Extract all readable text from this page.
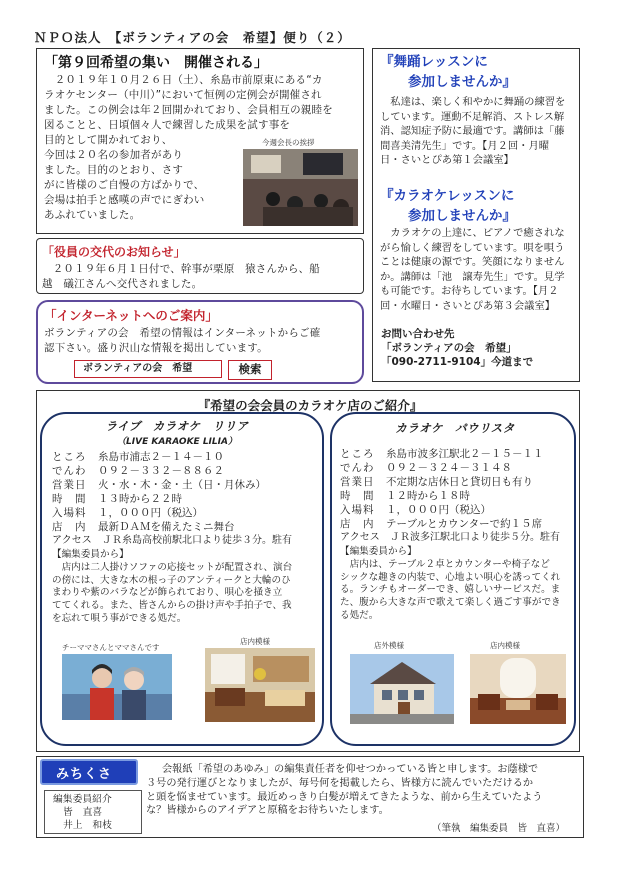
ＮＰＯ法人　【ボランティアの会　希望】便り（２）
「第９回希望の集い　開催される」
　２０１９年１０月２６日（土）、糸島市前原東にある“カ
ラオケセンター（中川）”において恒例の定例会が開催され
ました。この例会は年２回開かれており、会員相互の親睦を
図ることと、日頃個々人で練習した成果を試す事を
目的として開かれており、
今回は２０名の参加者があり
ました。目的のとおり、さす
がに皆様のご自慢の方ばかりで、
会場は拍手と感嘆の声でにぎわい
あふれていました。
今週会長の挨拶
『舞踊レッスンに
参加しませんか』
　私達は、楽しく和やかに舞踊の練習を
しています。運動不足解消、ストレス解
消、認知症予防に最適です。講師は「藤
間喜美清先生」です。【月２回・月曜
日・さいとぴあ第１会議室】
『カラオケレッスンに
参加しませんか』
　カラオケの上達に、ピアノで癒されな
がら愉しく練習をしています。唄を唄う
ことは健康の源です。笑顔になりません
か。講師は「池　譲寿先生」です。見学
も可能です。お待ちしています。【月２
回・水曜日・さいとぴあ第３会議室】
お問い合わせ先
「ボランティアの会　希望」
「090-2711-9104」今道まで
「役員の交代のお知らせ」
　２０１９年６月１日付で、幹事が栗原　猿さんから、船
越　礒江さんへ交代されました。
「インターネットへのご案内」
ボランティアの会　希望の情報はインターネットからご確
認下さい。盛り沢山な情報を掲出しています。
ボランティアの会　希望	検索
『希望の会会員のカラオケ店のご紹介』
ライブ　カラオケ　リリア
（LIVE KARAOKE LILIA）
ところ 糸島市浦志２－１４－１０
でんわ ０９２－３３２－８８６２
営業日 火・水・木・金・土（日・月休み）
時　間 １３時から２２時
入場料 １，０００円（税込）
店　内 最新ＤＡＭを備えたミニ舞台
アクセス ＪＲ糸島高校前駅北口より徒歩３分。駐有
【編集委員から】
　店内は二人掛けソファの応接セットが配置され、演台
の傍には、大きな木の根っ子のアンティークと大輪のひ
まわりや紫のバラなどが飾られており、唄心を掻き立
ててくれる。また、皆さんからの掛け声や手拍子で、我
を忘れて唄う事ができる処だ。
チーママさんとママさんです
店内模様
カラオケ　パウリスタ
ところ 糸島市波多江駅北２－１５－１１
でんわ ０９２－３２４－３１４８
営業日 不定期な店休日と貸切日も有り
時　間 １２時から１８時
入場料 １，０００円（税込）
店　内 テーブルとカウンターで約１５席
アクセス ＪＲ波多江駅北口より徒歩５分。駐有
【編集委員から】
　店内は、テーブル２卓とカウンターや椅子など
シックな趣きの内装で、心地よい唄心を誘ってくれ
る。ランチもオーダーでき、嬉しいサービスだ。ま
た、腹から大きな声で歌えて楽しく過ごす事ができ
る処だ。
店外模様	店内模様
みちくさ
編集委員紹介
皆　直喜
井上　和枝
会報紙「希望のあゆみ」の編集責任者を仰せつかっている皆と申します。お蔭様で
３号の発行運びとなりましたが、毎号何を掲載したら、皆様方に読んでいただけるか
と頭を悩ませています。最近めっきり白髪が増えてきたような、前から生えていたよう
な？皆様からのアイデアと原稿をお待ちいたします。
（筆執　編集委員　皆　直喜）
